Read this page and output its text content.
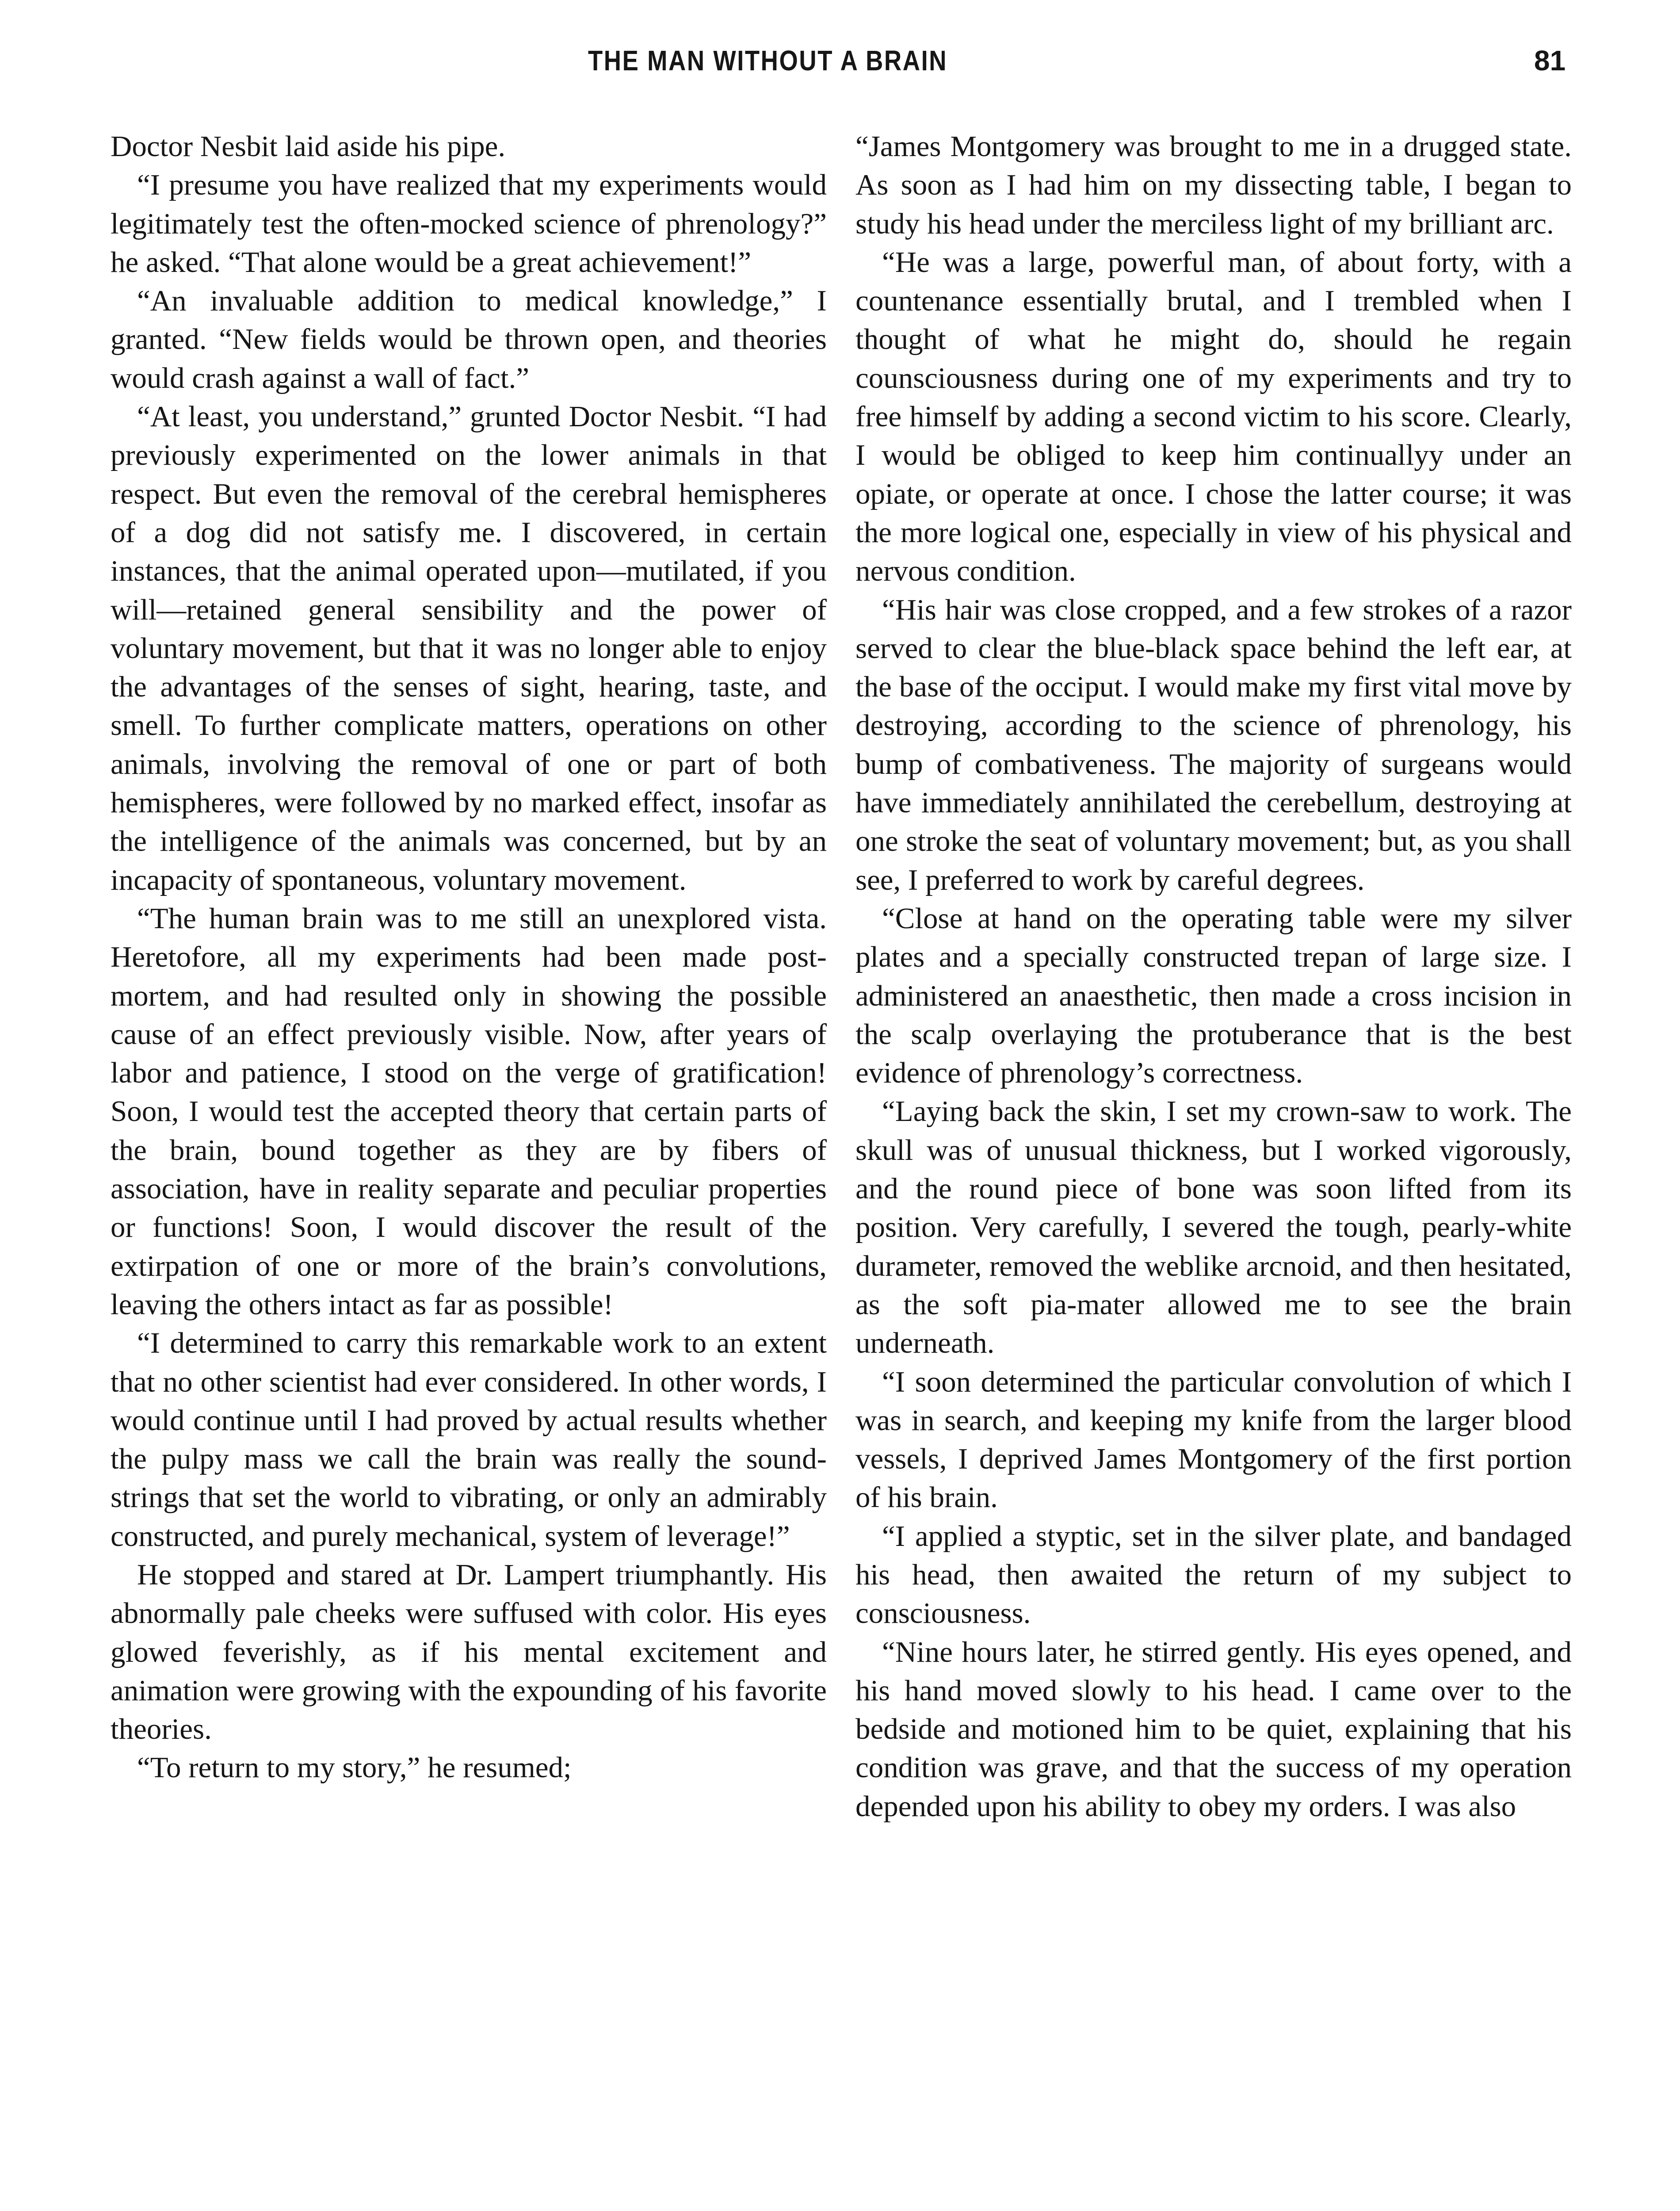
THE MAN WITHOUT A BRAIN	81

Doctor Nesbit laid aside his pipe.

“I presume you have realized that my experiments would legitimately test the often-mocked science of phrenology?” he asked. “That alone would be a great achievement!”

“An invaluable addition to medical knowledge,” I granted. “New fields would be thrown open, and theories would crash against a wall of fact.”

“At least, you understand,” grunted Doctor Nesbit. “I had previously experimented on the lower animals in that respect. But even the removal of the cerebral hemispheres of a dog did not satisfy me. I discovered, in certain instances, that the animal operated upon—mutilated, if you will—retained general sensibility and the power of voluntary movement, but that it was no longer able to enjoy the advantages of the senses of sight, hearing, taste, and smell. To further complicate matters, operations on other animals, involving the removal of one or part of both hemispheres, were followed by no marked effect, insofar as the intelligence of the animals was concerned, but by an incapacity of spontaneous, voluntary movement.

“The human brain was to me still an unexplored vista. Heretofore, all my experiments had been made post-mortem, and had resulted only in showing the possible cause of an effect previously visible. Now, after years of labor and patience, I stood on the verge of gratification! Soon, I would test the accepted theory that certain parts of the brain, bound together as they are by fibers of association, have in reality separate and peculiar properties or functions! Soon, I would discover the result of the extirpation of one or more of the brain’s convolutions, leaving the others intact as far as possible!

“I determined to carry this remarkable work to an extent that no other scientist had ever considered. In other words, I would continue until I had proved by actual results whether the pulpy mass we call the brain was really the sound-strings that set the world to vibrating, or only an admirably constructed, and purely mechanical, system of leverage!”

He stopped and stared at Dr. Lampert triumphantly. His abnormally pale cheeks were suffused with color. His eyes glowed feverishly, as if his mental excitement and animation were growing with the expounding of his favorite theories.

“To return to my story,” he resumed;

“James Montgomery was brought to me in a drugged state. As soon as I had him on my dissecting table, I began to study his head under the merciless light of my brilliant arc.

“He was a large, powerful man, of about forty, with a countenance essentially brutal, and I trembled when I thought of what he might do, should he regain counsciousness during one of my experiments and try to free himself by adding a second victim to his score. Clearly, I would be obliged to keep him continuallyy under an opiate, or operate at once. I chose the latter course; it was the more logical one, especially in view of his physical and nervous condition.

“His hair was close cropped, and a few strokes of a razor served to clear the blue-black space behind the left ear, at the base of the occiput. I would make my first vital move by destroying, according to the science of phrenology, his bump of combativeness. The majority of surgeans would have immediately annihilated the cerebellum, destroying at one stroke the seat of voluntary movement; but, as you shall see, I preferred to work by careful degrees.

“Close at hand on the operating table were my silver plates and a specially constructed trepan of large size. I administered an anaesthetic, then made a cross incision in the scalp overlaying the protuberance that is the best evidence of phrenology’s correctness.

“Laying back the skin, I set my crown-saw to work. The skull was of unusual thickness, but I worked vigorously, and the round piece of bone was soon lifted from its position. Very carefully, I severed the tough, pearly-white durameter, removed the weblike arcnoid, and then hesitated, as the soft pia-mater allowed me to see the brain underneath.

“I soon determined the particular convolution of which I was in search, and keeping my knife from the larger blood vessels, I deprived James Montgomery of the first portion of his brain.

“I applied a styptic, set in the silver plate, and bandaged his head, then awaited the return of my subject to consciousness.

“Nine hours later, he stirred gently. His eyes opened, and his hand moved slowly to his head. I came over to the bedside and motioned him to be quiet, explaining that his condition was grave, and that the success of my operation depended upon his ability to obey my orders. I was also
